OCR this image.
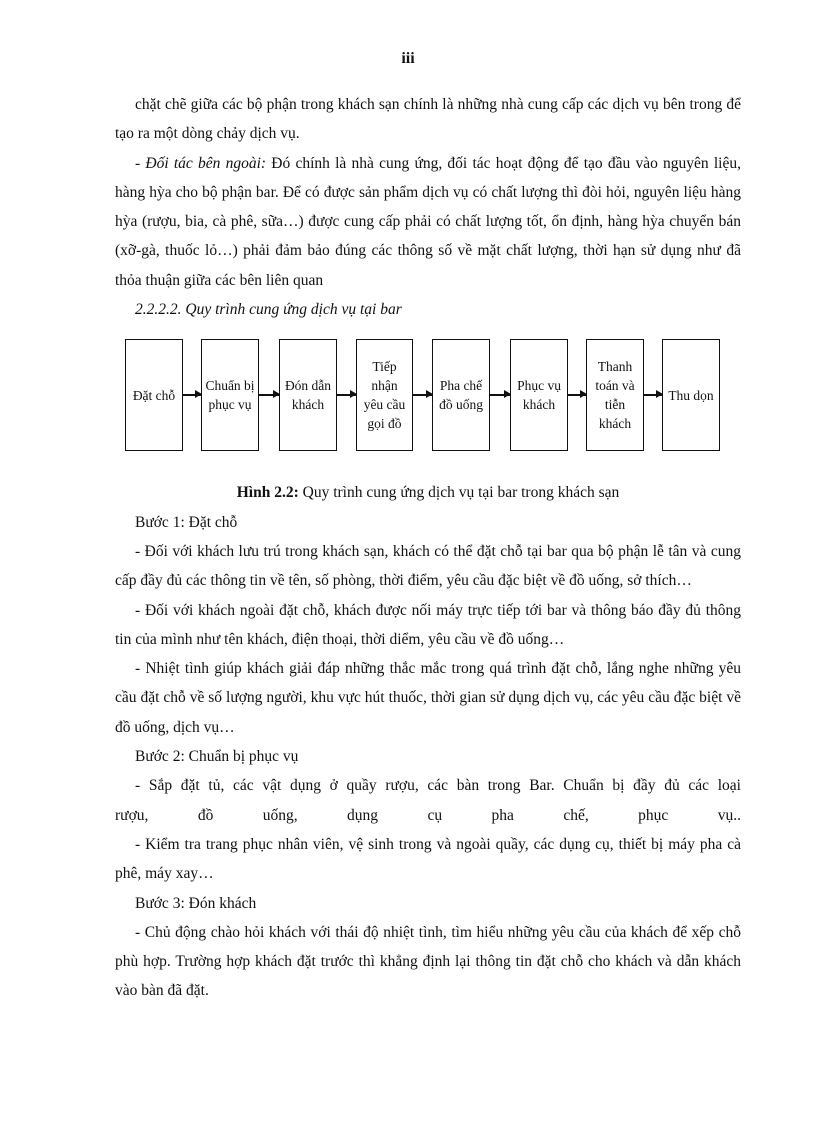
iii

chặt chẽ giữa các bộ phận trong khách sạn chính là những nhà cung cấp các dịch vụ bên trong để tạo ra một dòng chảy dịch vụ.

- Đối tác bên ngoài: Đó chính là nhà cung ứng, đối tác hoạt động để tạo đầu vào nguyên liệu, hàng hỳa cho bộ phận bar. Để có được sản phẩm dịch vụ có chất lượng thì đòi hỏi, nguyên liệu hàng hỳa (rượu, bia, cà phê, sữa…) được cung cấp phải có chất lượng tốt, ổn định, hàng hỳa chuyển bán (xỡ-gà, thuốc lỏ…) phải đảm bảo đúng các thông số về mặt chất lượng, thời hạn sử dụng như đã thỏa thuận giữa các bên liên quan

2.2.2.2. Quy trình cung ứng dịch vụ tại bar

Đặt chỗ
Chuẩn bị phục vụ
Đón dẫn khách
Tiếp nhận yêu cầu gọi đồ
Pha chế đồ uống
Phục vụ khách
Thanh toán và tiễn khách
Thu dọn

Hình 2.2: Quy trình cung ứng dịch vụ tại bar trong khách sạn

Bước 1: Đặt chỗ

- Đối với khách lưu trú trong khách sạn, khách có thể đặt chỗ tại bar qua bộ phận lễ tân và cung cấp đầy đủ các thông tin về tên, số phòng, thời điểm, yêu cầu đặc biệt về đồ uống, sở thích…

- Đối với khách ngoài đặt chỗ, khách được nối máy trực tiếp tới bar và thông báo đầy đủ thông tin của mình như tên khách, điện thoại, thời diểm, yêu cầu về đồ uống…

- Nhiệt tình giúp khách giải đáp những thắc mắc trong quá trình đặt chỗ, lắng nghe những yêu cầu đặt chỗ về số lượng người, khu vực hút thuốc, thời gian sử dụng dịch vụ, các yêu cầu đặc biệt về đồ uống, dịch vụ…

Bước 2: Chuẩn bị phục vụ

- Sắp đặt tủ, các vật dụng ở quầy rượu, các bàn trong Bar. Chuẩn bị đầy đủ các loại

rượu, đồ uống, dụng cụ pha chế, phục vụ..

- Kiểm tra trang phục nhân viên, vệ sinh trong và ngoài quầy, các dụng cụ, thiết bị máy pha cà phê, máy xay…

Bước 3: Đón khách

- Chủ động chào hỏi khách với thái độ nhiệt tình, tìm hiểu những yêu cầu của khách để xếp chỗ phù hợp. Trường hợp khách đặt trước thì khẳng định lại thông tin đặt chỗ cho khách và dẫn khách vào bàn đã đặt.
